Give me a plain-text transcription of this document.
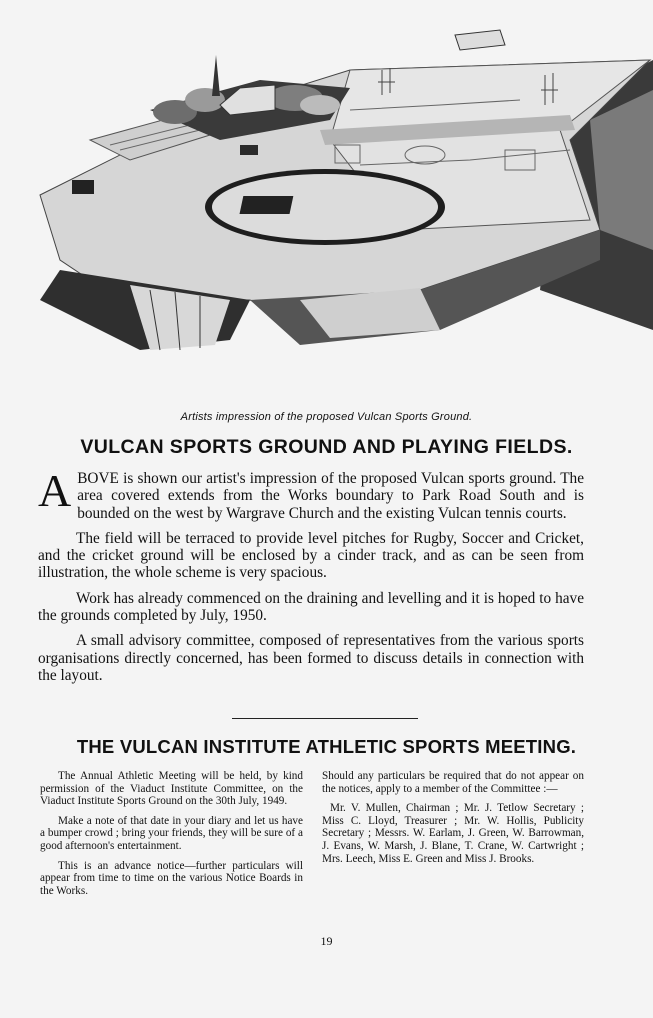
Artists impression of the proposed Vulcan Sports Ground.
VULCAN SPORTS GROUND AND PLAYING FIELDS.

A BOVE is shown our artist's impression of the proposed Vulcan sports ground. The area covered extends from the Works boundary to Park Road South and is bounded on the west by Wargrave Church and the existing Vulcan tennis courts.

The field will be terraced to provide level pitches for Rugby, Soccer and Cricket, and the cricket ground will be enclosed by a cinder track, and as can be seen from illustration, the whole scheme is very spacious.

Work has already commenced on the draining and levelling and it is hoped to have the grounds completed by July, 1950.

A small advisory committee, composed of representatives from the various sports organisations directly concerned, has been formed to discuss details in connection with the layout.

THE VULCAN INSTITUTE ATHLETIC SPORTS MEETING.

The Annual Athletic Meeting will be held, by kind permission of the Viaduct Institute Committee, on the Viaduct Institute Sports Ground on the 30th July, 1949.

Make a note of that date in your diary and let us have a bumper crowd ; bring your friends, they will be sure of a good afternoon's entertainment.

This is an advance notice—further particulars will appear from time to time on the various Notice Boards in the Works.

Should any particulars be required that do not appear on the notices, apply to a member of the Committee :—

Mr. V. Mullen, Chairman ; Mr. J. Tetlow Secretary ; Miss C. Lloyd, Treasurer ; Mr. W. Hollis, Publicity Secretary ; Messrs. W. Earlam, J. Green, W. Barrowman, J. Evans, W. Marsh, J. Blane, T. Crane, W. Cartwright ; Mrs. Leech, Miss E. Green and Miss J. Brooks.

19
